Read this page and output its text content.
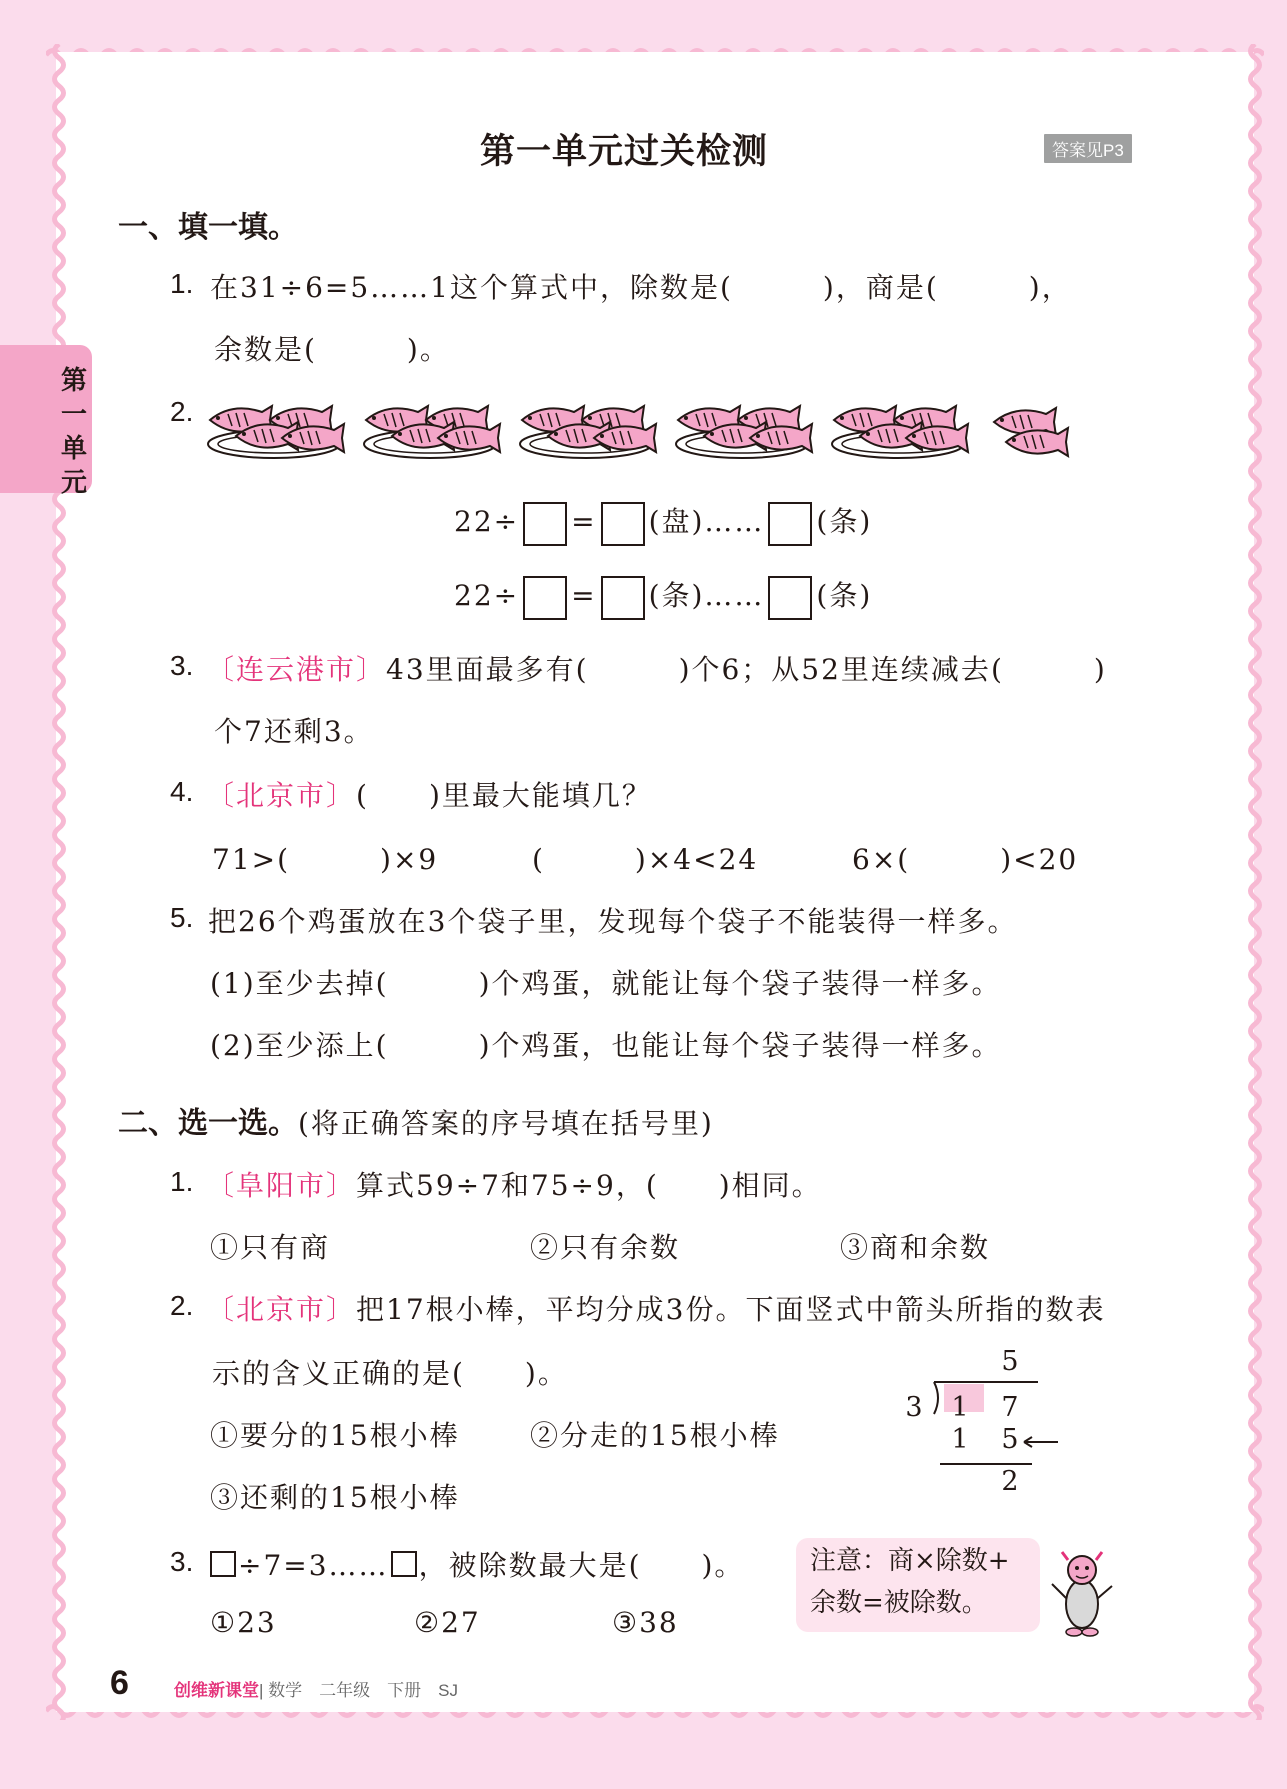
第一单元
第一单元过关检测	答案见P3
一、填一填。
1. 在31÷6=5……1这个算式中，除数是(　　　)，商是(　　　)，
余数是(　　　)。
2.
22÷ = (盘)…… (条)
22÷ = (条)…… (条)
3. 〔连云港市〕43里面最多有(　　　)个6；从52里连续减去(　　　)
个7还剩3。
4. 〔北京市〕(　　)里最大能填几？
71>(　　　)×9	(　　　)×4<24	6×(　　　)<20
5. 把26个鸡蛋放在3个袋子里，发现每个袋子不能装得一样多。
(1)至少去掉(　　　)个鸡蛋，就能让每个袋子装得一样多。
(2)至少添上(　　　)个鸡蛋，也能让每个袋子装得一样多。
二、选一选。(将正确答案的序号填在括号里)
1. 〔阜阳市〕算式59÷7和75÷9，(　　)相同。
①只有商	②只有余数	③商和余数
2. 〔北京市〕把17根小棒，平均分成3份。下面竖式中箭头所指的数表
示的含义正确的是(　　)。
①要分的15根小棒	②分走的15根小棒
③还剩的15根小棒
5
3 1 7
1 5
2
3.	÷7=3…… ，被除数最大是(　　)。
①23	②27	③38
注意：商×除数+
余数=被除数。
6	创维新课堂| 数学　二年级　下册　SJ
